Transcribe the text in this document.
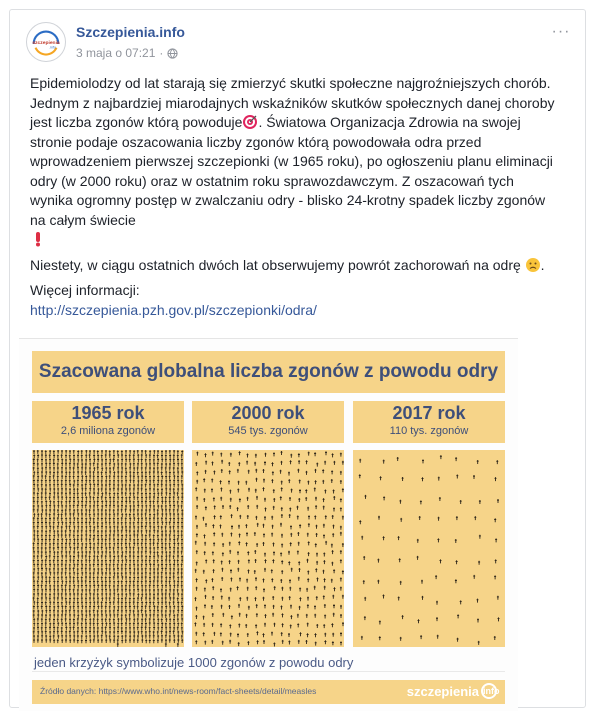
szczepienia
.info
Szczepienia.info
3 maja o 07:21 ·
···

Epidemiolodzy od lat starają się zmierzyć skutki społeczne najgroźniejszych chorób. Jednym z najbardziej miarodajnych wskaźników skutków społecznych danej choroby jest liczba zgonów którą powoduje . Światowa Organizacja Zdrowia na swojej stronie podaje oszacowania liczby zgonów którą powodowała odra przed wprowadzeniem pierwszej szczepionki (w 1965 roku), po ogłoszeniu planu eliminacji odry (w 2000 roku) oraz w ostatnim roku sprawozdawczym. Z oszacowań tych wynika ogromny postęp w zwalczaniu odry - blisko 24-krotny spadek liczby zgonów na całym świecie

Niestety, w ciągu ostatnich dwóch lat obserwujemy powrót zachorowań na odrę .

Więcej informacji:
http://szczepienia.pzh.gov.pl/szczepionki/odra/

Szacowana globalna liczba zgonów z powodu odry
1965 rok
2,6 miliona zgonów
2000 rok
545 tys. zgonów
2017 rok
110 tys. zgonów
jeden krzyżyk symbolizuje 1000 zgonów z powodu odry
Źródło danych: https://www.who.int/news-room/fact-sheets/detail/measles	szczepienia info
